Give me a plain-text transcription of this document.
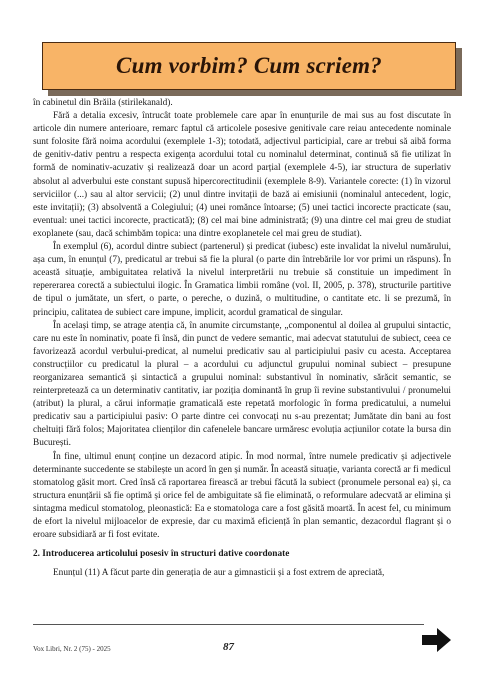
Cum vorbim? Cum scriem?

în cabinetul din Brăila (stirilekanald).

Fără a detalia excesiv, întrucât toate problemele care apar în enunțurile de mai sus au fost discutate în articole din numere anterioare, remarc faptul că articolele posesive genitivale care reiau antecedente nominale sunt folosite fără noima acordului (exemplele 1-3); totodată, adjectivul participial, care ar trebui să aibă forma de genitiv-dativ pentru a respecta exigența acordului total cu nominalul determinat, continuă să fie utilizat în formă de nominativ-acuzativ și realizează doar un acord parțial (exemplele 4-5), iar structura de superlativ absolut al adverbului este constant supusă hipercorectitudinii (exemplele 8-9). Variantele corecte: (1) în vizorul serviciilor (...) sau al altor servicii; (2) unul dintre invitații de bază ai emisiunii (nominalul antecedent, logic, este invitații); (3) absolventă a Colegiului; (4) unei romănce întoarse; (5) unei tactici incorecte practicate (sau, eventual: unei tactici incorecte, practicată); (8) cel mai bine administrată; (9) una dintre cel mai greu de studiat exoplanete (sau, dacă schimbăm topica: una dintre exoplanetele cel mai greu de studiat).

În exemplul (6), acordul dintre subiect (partenerul) și predicat (iubesc) este invalidat la nivelul numărului, așa cum, în enunțul (7), predicatul ar trebui să fie la plural (o parte din întrebările lor vor primi un răspuns). În această situație, ambiguitatea relativă la nivelul interpretării nu trebuie să constituie un impediment în repererarea corectă a subiectului ilogic. În Gramatica limbii române (vol. II, 2005, p. 378), structurile partitive de tipul o jumătate, un sfert, o parte, o pereche, o duzină, o multitudine, o cantitate etc. li se prezumă, în principiu, calitatea de subiect care impune, implicit, acordul gramatical de singular.

În același timp, se atrage atenția că, în anumite circumstanțe, „componentul al doilea al grupului sintactic, care nu este în nominativ, poate fi însă, din punct de vedere semantic, mai adecvat statutului de subiect, ceea ce favorizează acordul verbului-predicat, al numelui predicativ sau al participiului pasiv cu acesta. Acceptarea construcțiilor cu predicatul la plural – a acordului cu adjunctul grupului nominal subiect – presupune reorganizarea semantică și sintactică a grupului nominal: substantivul în nominativ, sărăcit semantic, se reinterpretează ca un determinativ cantitativ, iar poziția dominantă în grup îi revine substantivului / pronumelui (atribut) la plural, a cărui informație gramaticală este repetată morfologic în forma predicatului, a numelui predicativ sau a participiului pasiv: O parte dintre cei convocați nu s-au prezentat; Jumătate din bani au fost cheltuiți fără folos; Majoritatea clienților din cafenelele bancare urmăresc evoluția acțiunilor cotate la bursa din București.

În fine, ultimul enunț conține un dezacord atipic. În mod normal, între numele predicativ și adjectivele determinante succedente se stabilește un acord în gen și număr. În această situație, varianta corectă ar fi medicul stomatolog găsit mort. Cred însă că raportarea firească ar trebui făcută la subiect (pronumele personal ea) și, ca structura enunțării să fie optimă și orice fel de ambiguitate să fie eliminată, o reformulare adecvată ar elimina și sintagma medicul stomatolog, pleonastică: Ea e stomatologa care a fost găsită moartă. În acest fel, cu minimum de efort la nivelul mijloacelor de expresie, dar cu maximă eficiență în plan semantic, dezacordul flagrant și o eroare subsidiară ar fi fost evitate.

2. Introducerea articolului posesiv în structuri dative coordonate

Enunțul (11) A făcut parte din generația de aur a gimnasticii și a fost extrem de apreciată,

Vox Libri, Nr. 2 (75) - 2025	87
